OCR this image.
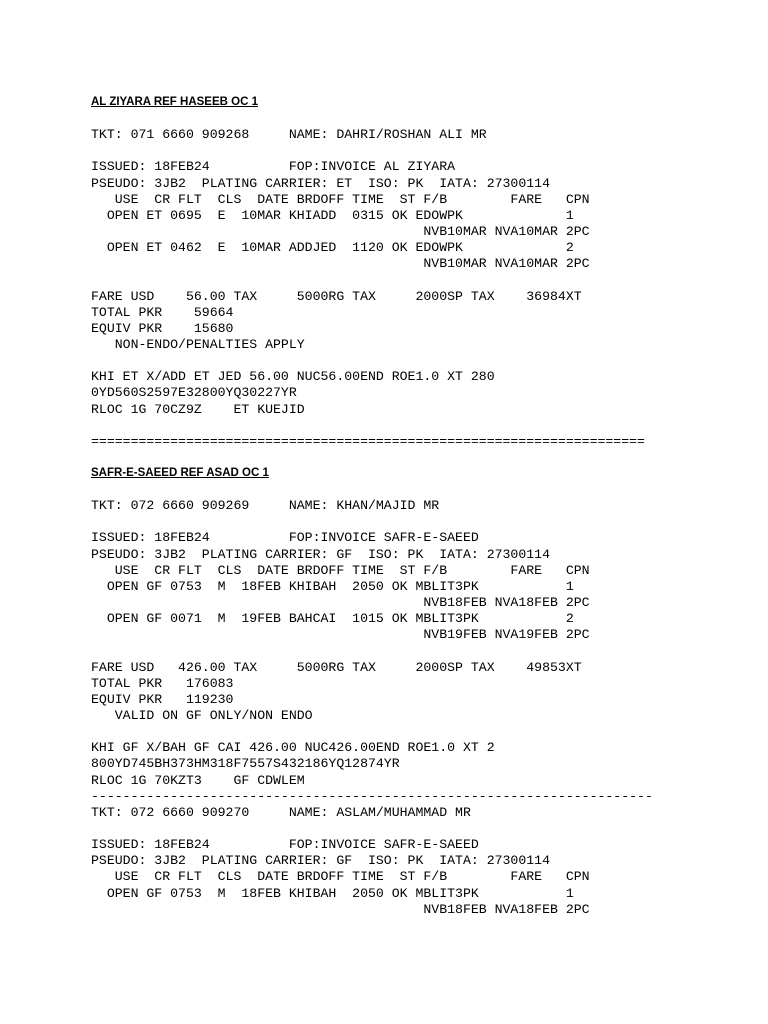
AL ZIYARA REF HASEEB OC 1
TKT: 071 6660 909268     NAME: DAHRI/ROSHAN ALI MR
ISSUED: 18FEB24          FOP:INVOICE AL ZIYARA
PSEUDO: 3JB2  PLATING CARRIER: ET  ISO: PK  IATA: 27300114
USE  CR FLT  CLS  DATE BRDOFF TIME  ST F/B        FARE   CPN
OPEN ET 0695  E  10MAR KHIADD  0315 OK EDOWPK             1
NVB10MAR NVA10MAR 2PC
OPEN ET 0462  E  10MAR ADDJED  1120 OK EDOWPK             2
NVB10MAR NVA10MAR 2PC
FARE USD    56.00 TAX     5000RG TAX     2000SP TAX    36984XT
TOTAL PKR    59664
EQUIV PKR    15680
NON-ENDO/PENALTIES APPLY
KHI ET X/ADD ET JED 56.00 NUC56.00END ROE1.0 XT 280
0YD560S2597E32800YQ30227YR
RLOC 1G 70CZ9Z    ET KUEJID
======================================================================
SAFR-E-SAEED REF ASAD OC 1
TKT: 072 6660 909269     NAME: KHAN/MAJID MR
ISSUED: 18FEB24          FOP:INVOICE SAFR-E-SAEED
PSEUDO: 3JB2  PLATING CARRIER: GF  ISO: PK  IATA: 27300114
USE  CR FLT  CLS  DATE BRDOFF TIME  ST F/B        FARE   CPN
OPEN GF 0753  M  18FEB KHIBAH  2050 OK MBLIT3PK           1
NVB18FEB NVA18FEB 2PC
OPEN GF 0071  M  19FEB BAHCAI  1015 OK MBLIT3PK           2
NVB19FEB NVA19FEB 2PC
FARE USD   426.00 TAX     5000RG TAX     2000SP TAX    49853XT
TOTAL PKR   176083
EQUIV PKR   119230
VALID ON GF ONLY/NON ENDO
KHI GF X/BAH GF CAI 426.00 NUC426.00END ROE1.0 XT 2
800YD745BH373HM318F7557S432186YQ12874YR
RLOC 1G 70KZT3    GF CDWLEM
-----------------------------------------------------------------------
TKT: 072 6660 909270     NAME: ASLAM/MUHAMMAD MR
ISSUED: 18FEB24          FOP:INVOICE SAFR-E-SAEED
PSEUDO: 3JB2  PLATING CARRIER: GF  ISO: PK  IATA: 27300114
USE  CR FLT  CLS  DATE BRDOFF TIME  ST F/B        FARE   CPN
OPEN GF 0753  M  18FEB KHIBAH  2050 OK MBLIT3PK           1
NVB18FEB NVA18FEB 2PC
